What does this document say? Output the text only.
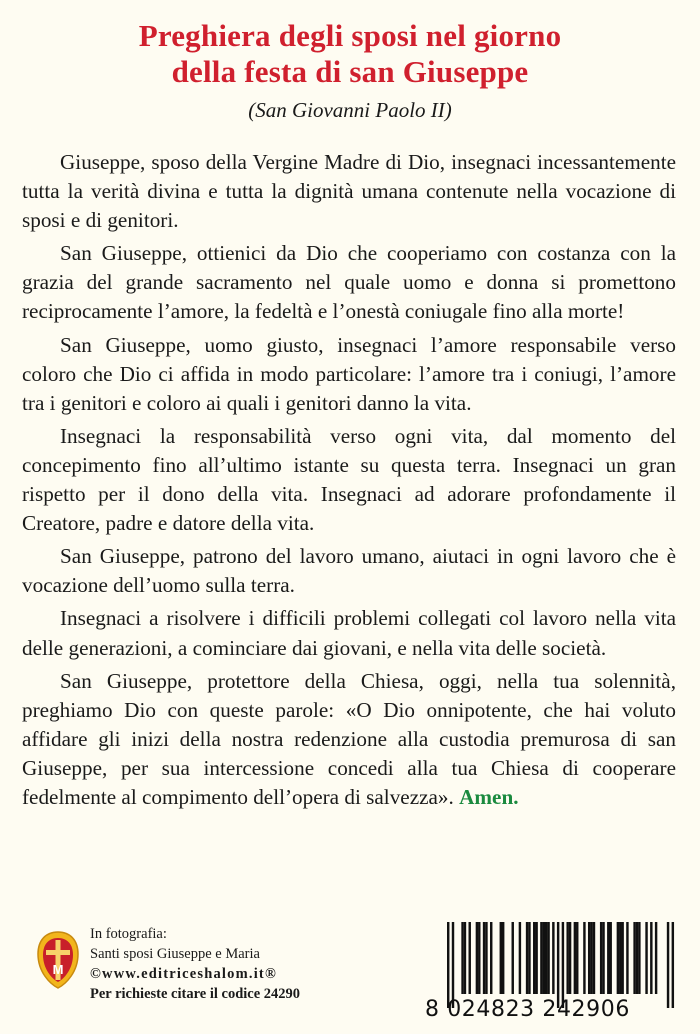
Preghiera degli sposi nel giorno
della festa di san Giuseppe
(San Giovanni Paolo II)

Giuseppe, sposo della Vergine Madre di Dio, insegnaci incessantemente tutta la verità divina e tutta la dignità umana contenute nella vocazione di sposi e di genitori.

San Giuseppe, ottienici da Dio che cooperiamo con costanza con la grazia del grande sacramento nel quale uomo e donna si promettono reciprocamente l’amore, la fedeltà e l’onestà coniugale fino alla morte!

San Giuseppe, uomo giusto, insegnaci l’amore responsabile verso coloro che Dio ci affida in modo particolare: l’amore tra i coniugi, l’amore tra i genitori e coloro ai quali i genitori danno la vita.

Insegnaci la responsabilità verso ogni vita, dal momento del concepimento fino all’ultimo istante su questa terra. Insegnaci un gran rispetto per il dono della vita. Insegnaci ad adorare profondamente il Creatore, padre e datore della vita.

San Giuseppe, patrono del lavoro umano, aiutaci in ogni lavoro che è vocazione dell’uomo sulla terra.

Insegnaci a risolvere i difficili problemi collegati col lavoro nella vita delle generazioni, a cominciare dai giovani, e nella vita delle società.

San Giuseppe, protettore della Chiesa, oggi, nella tua solennità, preghiamo Dio con queste parole: «O Dio onnipotente, che hai voluto affidare gli inizi della nostra redenzione alla custodia premurosa di san Giuseppe, per sua intercessione concedi alla tua Chiesa di cooperare fedelmente al compimento dell’opera di salvezza». Amen.

M
In fotografia:
Santi sposi Giuseppe e Maria
©www.editriceshalom.it®
Per richieste citare il codice 24290
8 024823 242906
